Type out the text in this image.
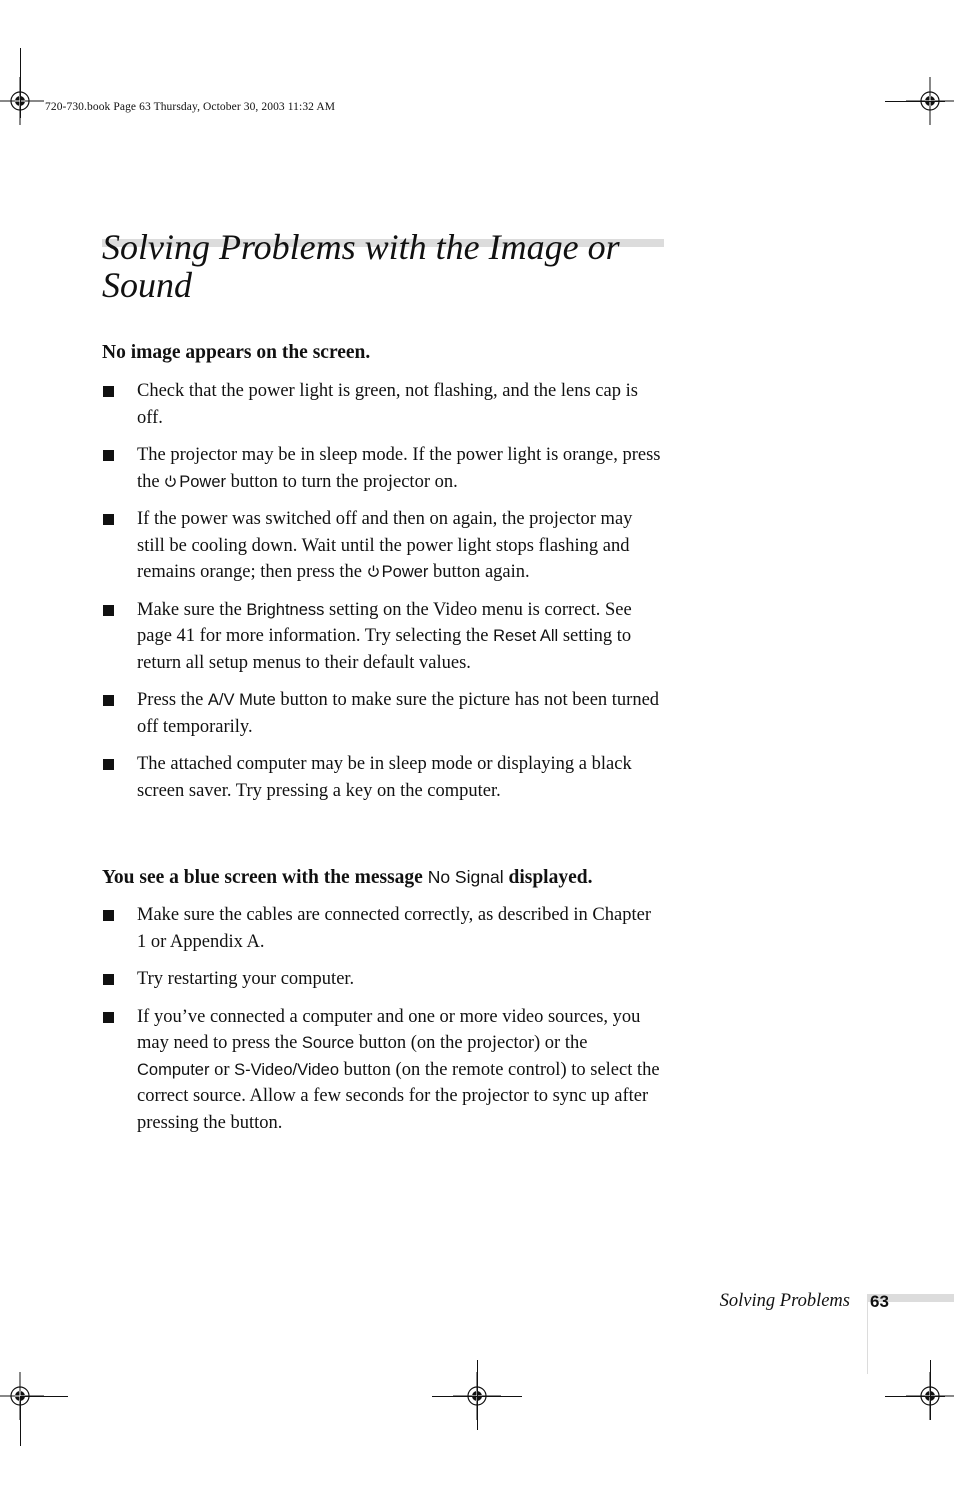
720-730.book Page 63 Thursday, October 30, 2003 11:32 AM
Solving Problems with the Image or Sound
No image appears on the screen.
Check that the power light is green, not flashing, and the lens cap is off.
The projector may be in sleep mode. If the power light is orange, press the Power button to turn the projector on.
If the power was switched off and then on again, the projector may still be cooling down. Wait until the power light stops flashing and remains orange; then press the Power button again.
Make sure the Brightness setting on the Video menu is correct. See page 41 for more information. Try selecting the Reset All setting to return all setup menus to their default values.
Press the A/V Mute button to make sure the picture has not been turned off temporarily.
The attached computer may be in sleep mode or displaying a black screen saver. Try pressing a key on the computer.
You see a blue screen with the message No Signal displayed.
Make sure the cables are connected correctly, as described in Chapter 1 or Appendix A.
Try restarting your computer.
If you’ve connected a computer and one or more video sources, you may need to press the Source button (on the projector) or the Computer or S-Video/Video button (on the remote control) to select the correct source. Allow a few seconds for the projector to sync up after pressing the button.
Solving Problems 63
